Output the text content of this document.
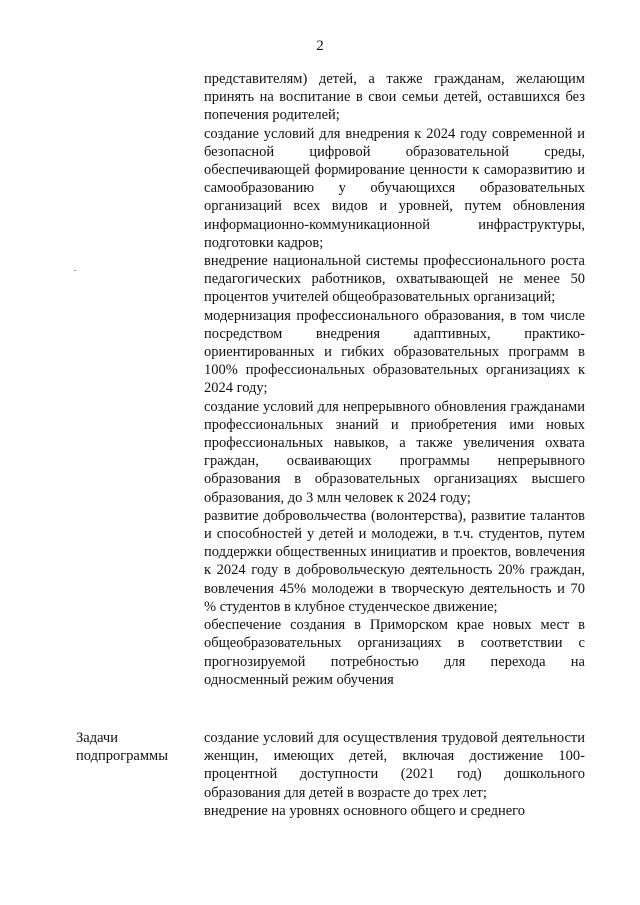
2

представителям) детей, а также гражданам, желающим принять на воспитание в свои семьи детей, оставшихся без попечения родителей;

создание условий для внедрения к 2024 году современной и безопасной цифровой образовательной среды, обеспечивающей формирование ценности к саморазвитию и самообразованию у обучающихся образовательных организаций всех видов и уровней, путем обновления информационно-коммуникационной инфраструктуры, подготовки кадров;

внедрение национальной системы профессионального роста педагогических работников, охватывающей не менее 50 процентов учителей общеобразовательных организаций;

модернизация профессионального образования, в том числе посредством внедрения адаптивных, практико-ориентированных и гибких образовательных программ в 100% профессиональных образовательных организациях к 2024 году;

создание условий для непрерывного обновления гражданами профессиональных знаний и приобретения ими новых профессиональных навыков, а также увеличения охвата граждан, осваивающих программы непрерывного образования в образовательных организациях высшего образования, до 3 млн человек к 2024 году;

развитие добровольчества (волонтерства), развитие талантов и способностей у детей и молодежи, в т.ч. студентов, путем поддержки общественных инициатив и проектов, вовлечения к 2024 году в добровольческую деятельность 20% граждан, вовлечения 45% молодежи в творческую деятельность и 70 % студентов в клубное студенческое движение;

обеспечение создания в Приморском крае новых мест в общеобразовательных организациях в соответствии с прогнозируемой потребностью для перехода на односменный режим обучения

Задачи
подпрограммы

создание условий для осуществления трудовой деятельности женщин, имеющих детей, включая достижение 100-процентной доступности (2021 год) дошкольного образования для детей в возрасте до трех лет;

внедрение на уровнях основного общего и среднего
